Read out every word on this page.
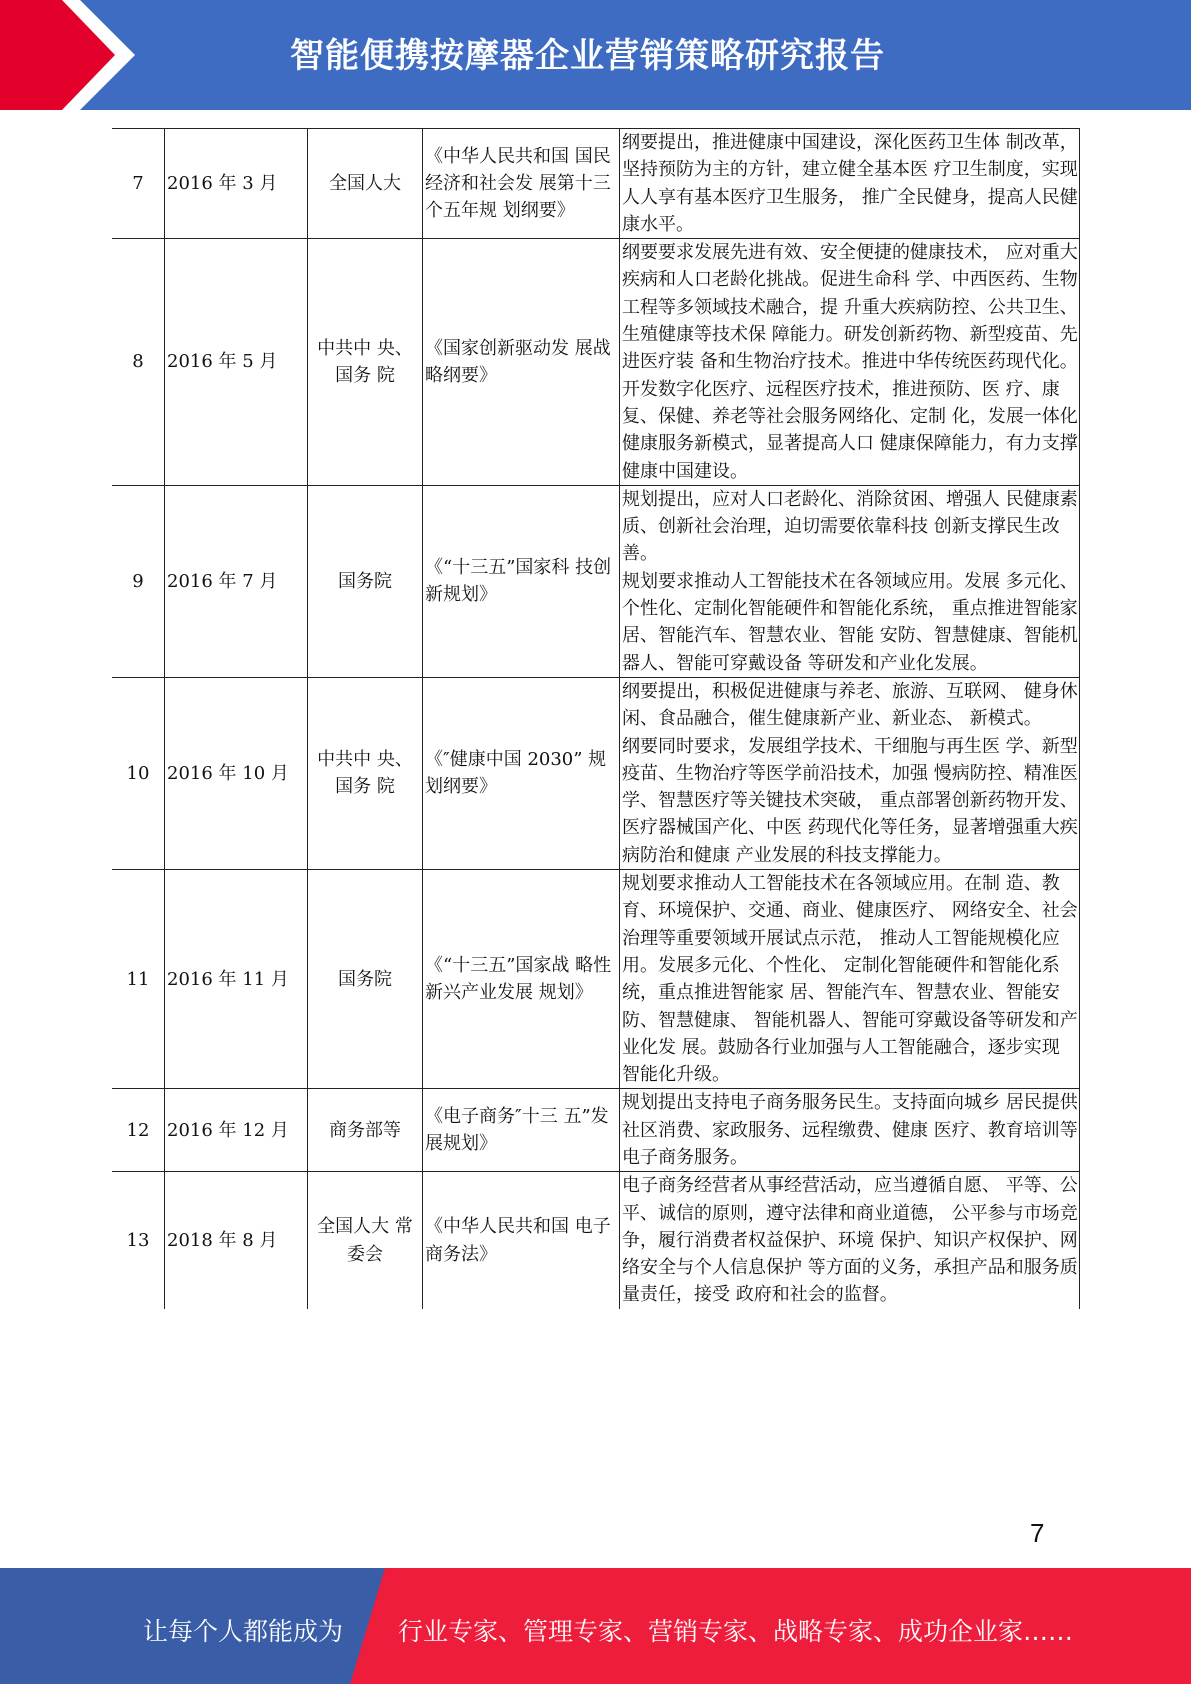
智能便携按摩器企业营销策略研究报告
7	2016 年 3 月	全国人大	《中华人民共和国 国民经济和社会发 展第十三个五年规 划纲要》	纲要提出，推进健康中国建设，深化医药卫生体 制改革，坚持预防为主的方针，建立健全基本医 疗卫生制度，实现人人享有基本医疗卫生服务， 推广全民健身，提高人民健康水平。
8	2016 年 5 月	中共中 央、国务 院	《国家创新驱动发 展战略纲要》	纲要要求发展先进有效、安全便捷的健康技术， 应对重大疾病和人口老龄化挑战。促进生命科 学、中西医药、生物工程等多领域技术融合，提 升重大疾病防控、公共卫生、生殖健康等技术保 障能力。研发创新药物、新型疫苗、先进医疗装 备和生物治疗技术。推进中华传统医药现代化。 开发数字化医疗、远程医疗技术，推进预防、医 疗、康复、保健、养老等社会服务网络化、定制 化，发展一体化健康服务新模式，显著提高人口 健康保障能力，有力支撑健康中国建设。
9	2016 年 7 月	国务院	《“十三五”国家科 技创新规划》	规划提出，应对人口老龄化、消除贫困、增强人 民健康素质、创新社会治理，迫切需要依靠科技 创新支撑民生改善。
规划要求推动人工智能技术在各领域应用。发展 多元化、个性化、定制化智能硬件和智能化系统， 重点推进智能家居、智能汽车、智慧农业、智能 安防、智慧健康、智能机器人、智能可穿戴设备 等研发和产业化发展。
10	2016 年 10 月	中共中 央、国务 院	《″健康中国 2030” 规划纲要》	纲要提出，积极促进健康与养老、旅游、互联网、 健身休闲、食品融合，催生健康新产业、新业态、 新模式。
纲要同时要求，发展组学技术、干细胞与再生医 学、新型疫苗、生物治疗等医学前沿技术，加强 慢病防控、精准医学、智慧医疗等关键技术突破， 重点部署创新药物开发、医疗器械国产化、中医 药现代化等任务，显著增强重大疾病防治和健康 产业发展的科技支撑能力。
11	2016 年 11 月	国务院	《“十三五”国家战 略性新兴产业发展 规划》	规划要求推动人工智能技术在各领域应用。在制 造、教育、环境保护、交通、商业、健康医疗、 网络安全、社会治理等重要领域开展试点示范， 推动人工智能规模化应用。发展多元化、个性化、 定制化智能硬件和智能化系统，重点推进智能家 居、智能汽车、智慧农业、智能安防、智慧健康、 智能机器人、智能可穿戴设备等研发和产业化发 展。鼓励各行业加强与人工智能融合，逐步实现 智能化升级。
12	2016 年 12 月	商务部等	《电子商务″十三 五”发展规划》	规划提出支持电子商务服务民生。支持面向城乡 居民提供社区消费、家政服务、远程缴费、健康 医疗、教育培训等电子商务服务。
13	2018 年 8 月	全国人大 常委会	《中华人民共和国 电子商务法》	电子商务经营者从事经营活动，应当遵循自愿、 平等、公平、诚信的原则，遵守法律和商业道德， 公平参与市场竞争，履行消费者权益保护、环境 保护、知识产权保护、网络安全与个人信息保护 等方面的义务，承担产品和服务质量责任，接受 政府和社会的监督。
7
让每个人都能成为 行业专家、管理专家、营销专家、战略专家、成功企业家……
